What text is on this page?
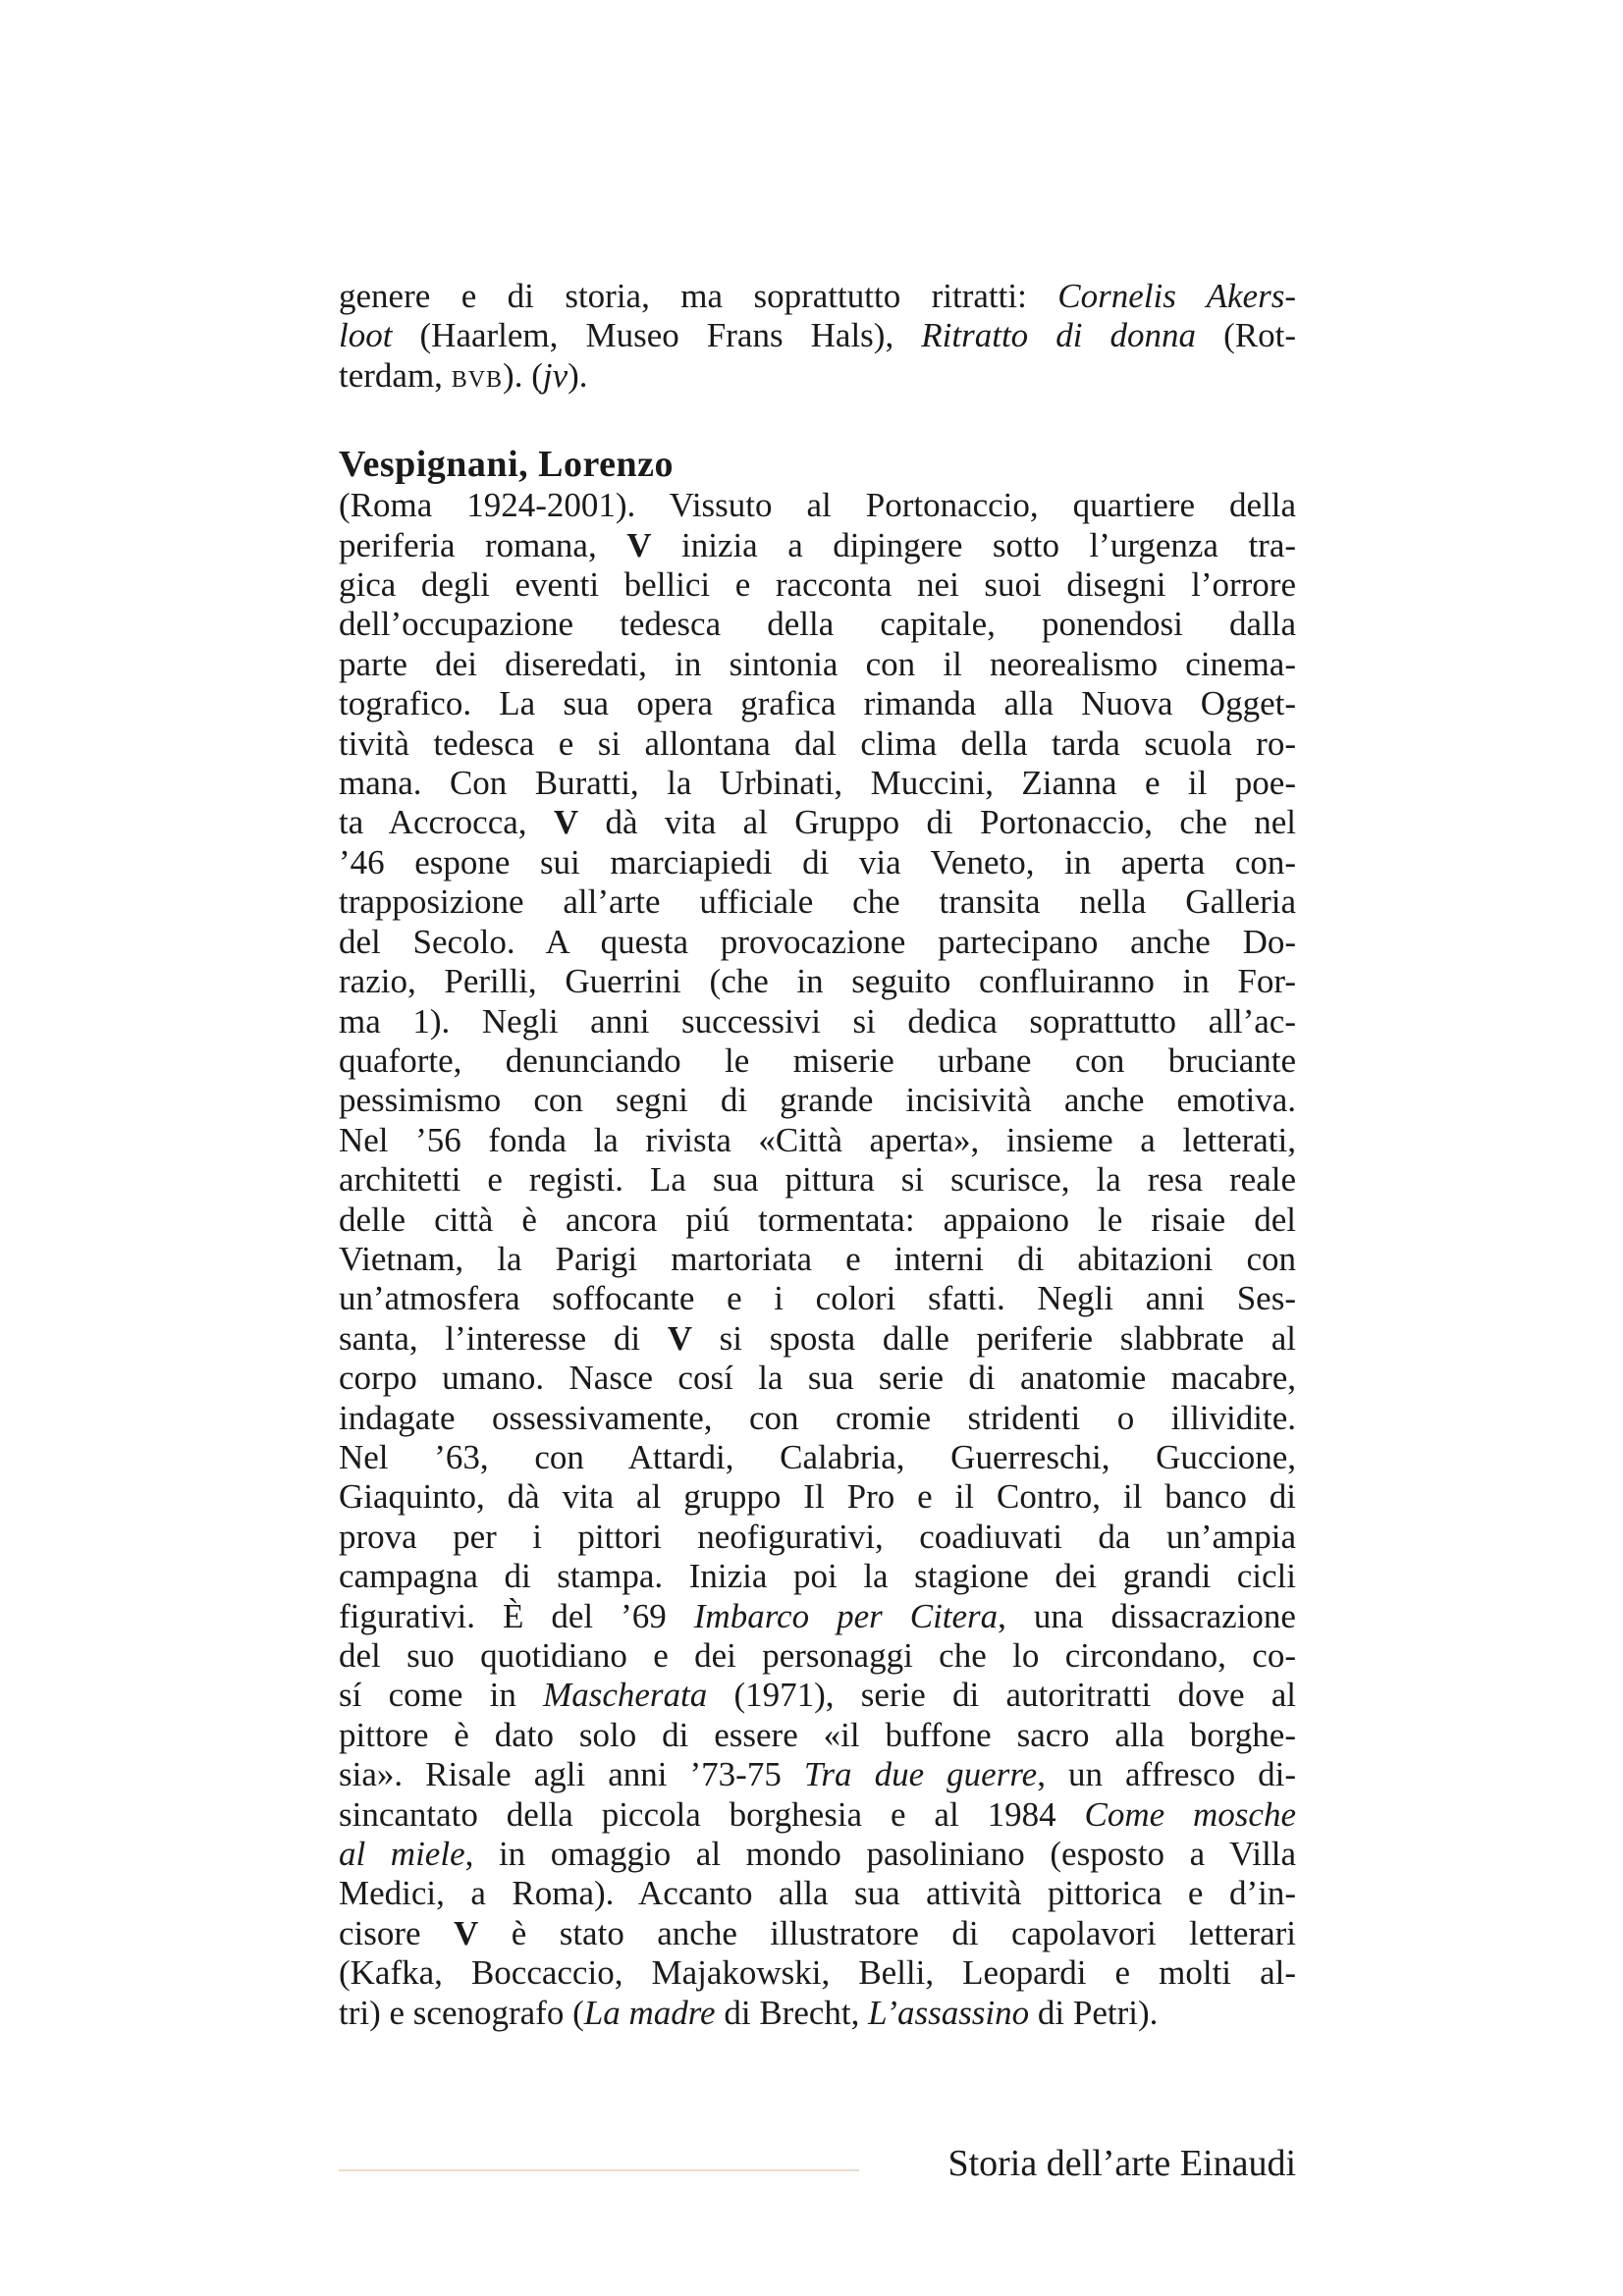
genere e di storia, ma soprattutto ritratti: Cornelis Akers-
loot (Haarlem, Museo Frans Hals), Ritratto di donna (Rot-
terdam, BVB). (jv).

Vespignani, Lorenzo

(Roma 1924-2001). Vissuto al Portonaccio, quartiere della
periferia romana, V inizia a dipingere sotto l’urgenza tra-
gica degli eventi bellici e racconta nei suoi disegni l’orrore
dell’occupazione tedesca della capitale, ponendosi dalla
parte dei diseredati, in sintonia con il neorealismo cinema-
tografico. La sua opera grafica rimanda alla Nuova Ogget-
tività tedesca e si allontana dal clima della tarda scuola ro-
mana. Con Buratti, la Urbinati, Muccini, Zianna e il poe-
ta Accrocca, V dà vita al Gruppo di Portonaccio, che nel
’46 espone sui marciapiedi di via Veneto, in aperta con-
trapposizione all’arte ufficiale che transita nella Galleria
del Secolo. A questa provocazione partecipano anche Do-
razio, Perilli, Guerrini (che in seguito confluiranno in For-
ma 1). Negli anni successivi si dedica soprattutto all’ac-
quaforte, denunciando le miserie urbane con bruciante
pessimismo con segni di grande incisività anche emotiva.
Nel ’56 fonda la rivista «Città aperta», insieme a letterati,
architetti e registi. La sua pittura si scurisce, la resa reale
delle città è ancora piú tormentata: appaiono le risaie del
Vietnam, la Parigi martoriata e interni di abitazioni con
un’atmosfera soffocante e i colori sfatti. Negli anni Ses-
santa, l’interesse di V si sposta dalle periferie slabbrate al
corpo umano. Nasce cosí la sua serie di anatomie macabre,
indagate ossessivamente, con cromie stridenti o illividite.
Nel ’63, con Attardi, Calabria, Guerreschi, Guccione,
Giaquinto, dà vita al gruppo Il Pro e il Contro, il banco di
prova per i pittori neofigurativi, coadiuvati da un’ampia
campagna di stampa. Inizia poi la stagione dei grandi cicli
figurativi. È del ’69 Imbarco per Citera, una dissacrazione
del suo quotidiano e dei personaggi che lo circondano, co-
sí come in Mascherata (1971), serie di autoritratti dove al
pittore è dato solo di essere «il buffone sacro alla borghe-
sia». Risale agli anni ’73-75 Tra due guerre, un affresco di-
sincantato della piccola borghesia e al 1984 Come mosche
al miele, in omaggio al mondo pasoliniano (esposto a Villa
Medici, a Roma). Accanto alla sua attività pittorica e d’in-
cisore V è stato anche illustratore di capolavori letterari
(Kafka, Boccaccio, Majakowski, Belli, Leopardi e molti al-
tri) e scenografo (La madre di Brecht, L’assassino di Petri).

Storia dell’arte Einaudi
